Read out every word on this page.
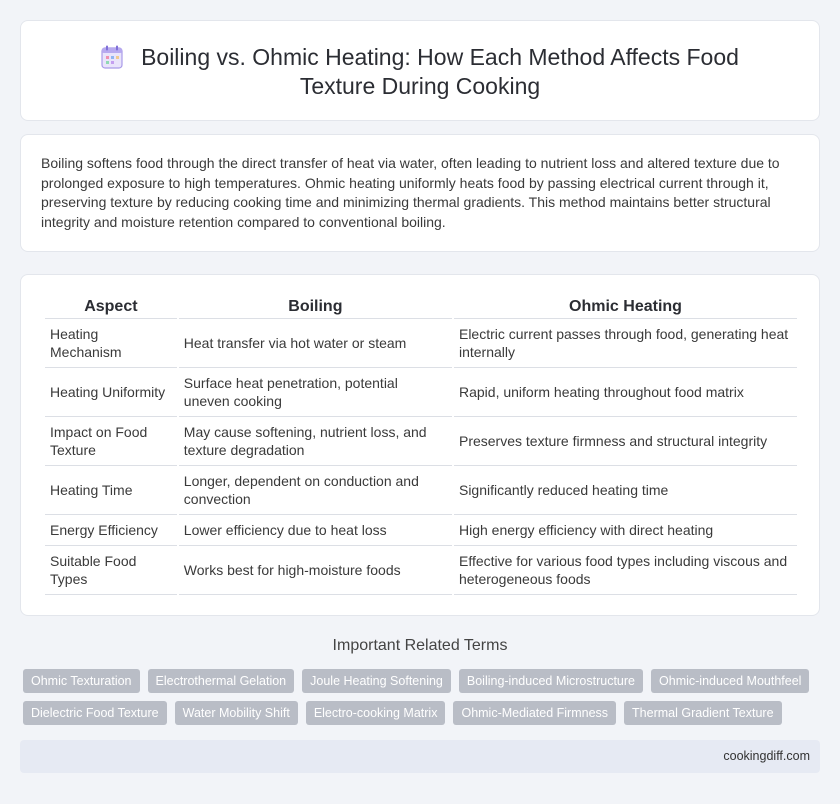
Boiling vs. Ohmic Heating: How Each Method Affects Food Texture During Cooking

Boiling softens food through the direct transfer of heat via water, often leading to nutrient loss and altered texture due to prolonged exposure to high temperatures. Ohmic heating uniformly heats food by passing electrical current through it, preserving texture by reducing cooking time and minimizing thermal gradients. This method maintains better structural integrity and moisture retention compared to conventional boiling.

Aspect	Boiling	Ohmic Heating
Heating Mechanism	Heat transfer via hot water or steam	Electric current passes through food, generating heat internally
Heating Uniformity	Surface heat penetration, potential uneven cooking	Rapid, uniform heating throughout food matrix
Impact on Food Texture	May cause softening, nutrient loss, and texture degradation	Preserves texture firmness and structural integrity
Heating Time	Longer, dependent on conduction and convection	Significantly reduced heating time
Energy Efficiency	Lower efficiency due to heat loss	High energy efficiency with direct heating
Suitable Food Types	Works best for high-moisture foods	Effective for various food types including viscous and heterogeneous foods
Important Related Terms
Ohmic Texturation	Electrothermal Gelation	Joule Heating Softening	Boiling-induced Microstructure	Ohmic-induced Mouthfeel
Dielectric Food Texture	Water Mobility Shift	Electro-cooking Matrix	Ohmic-Mediated Firmness	Thermal Gradient Texture
cookingdiff.com
